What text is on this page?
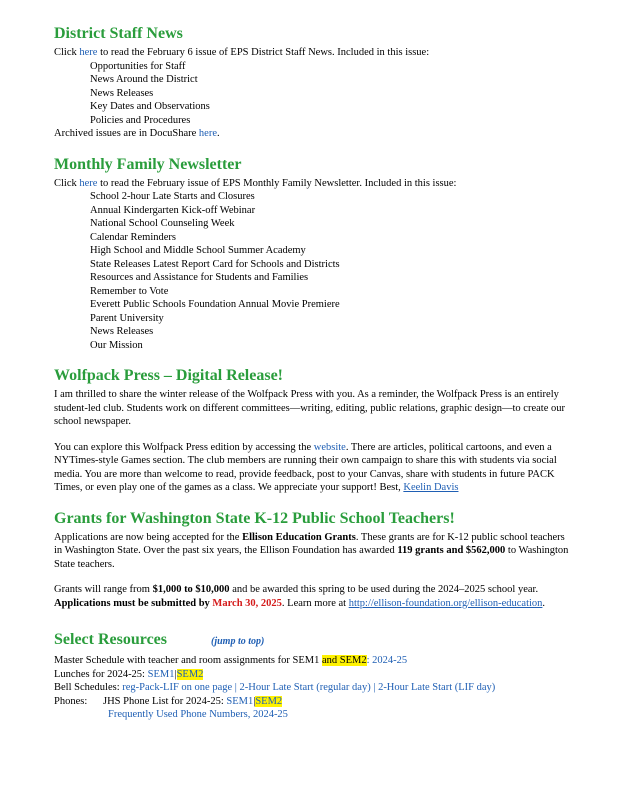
District Staff News

Click here to read the February 6 issue of EPS District Staff News. Included in this issue:

Opportunities for Staff
News Around the District
News Releases
Key Dates and Observations
Policies and Procedures

Archived issues are in DocuShare here.

Monthly Family Newsletter

Click here to read the February issue of EPS Monthly Family Newsletter. Included in this issue:

School 2-hour Late Starts and Closures
Annual Kindergarten Kick-off Webinar
National School Counseling Week
Calendar Reminders
High School and Middle School Summer Academy
State Releases Latest Report Card for Schools and Districts
Resources and Assistance for Students and Families
Remember to Vote
Everett Public Schools Foundation Annual Movie Premiere
Parent University
News Releases
Our Mission
Wolfpack Press – Digital Release!

I am thrilled to share the winter release of the Wolfpack Press with you. As a reminder, the Wolfpack Press is an entirely student-led club. Students work on different committees—writing, editing, public relations, graphic design—to create our school newspaper.

You can explore this Wolfpack Press edition by accessing the website. There are articles, political cartoons, and even a NYTimes-style Games section. The club members are running their own campaign to share this with students via social media. You are more than welcome to read, provide feedback, post to your Canvas, share with students in future PACK Times, or even play one of the games as a class. We appreciate your support! Best, Keelin Davis

Grants for Washington State K-12 Public School Teachers!

Applications are now being accepted for the Ellison Education Grants. These grants are for K-12 public school teachers in Washington State. Over the past six years, the Ellison Foundation has awarded 119 grants and $562,000 to Washington State teachers.

Grants will range from $1,000 to $10,000 and be awarded this spring to be used during the 2024–2025 school year. Applications must be submitted by March 30, 2025. Learn more at http://ellison-foundation.org/ellison-education.

Select Resources	(jump to top)

Master Schedule with teacher and room assignments for SEM1 and SEM2: 2024-25

Lunches for 2024-25: SEM1|SEM2

Bell Schedules: reg-Pack-LIF on one page | 2-Hour Late Start (regular day) | 2-Hour Late Start (LIF day)

Phones: JHS Phone List for 2024-25: SEM1 SEM2

Frequently Used Phone Numbers, 2024-25
